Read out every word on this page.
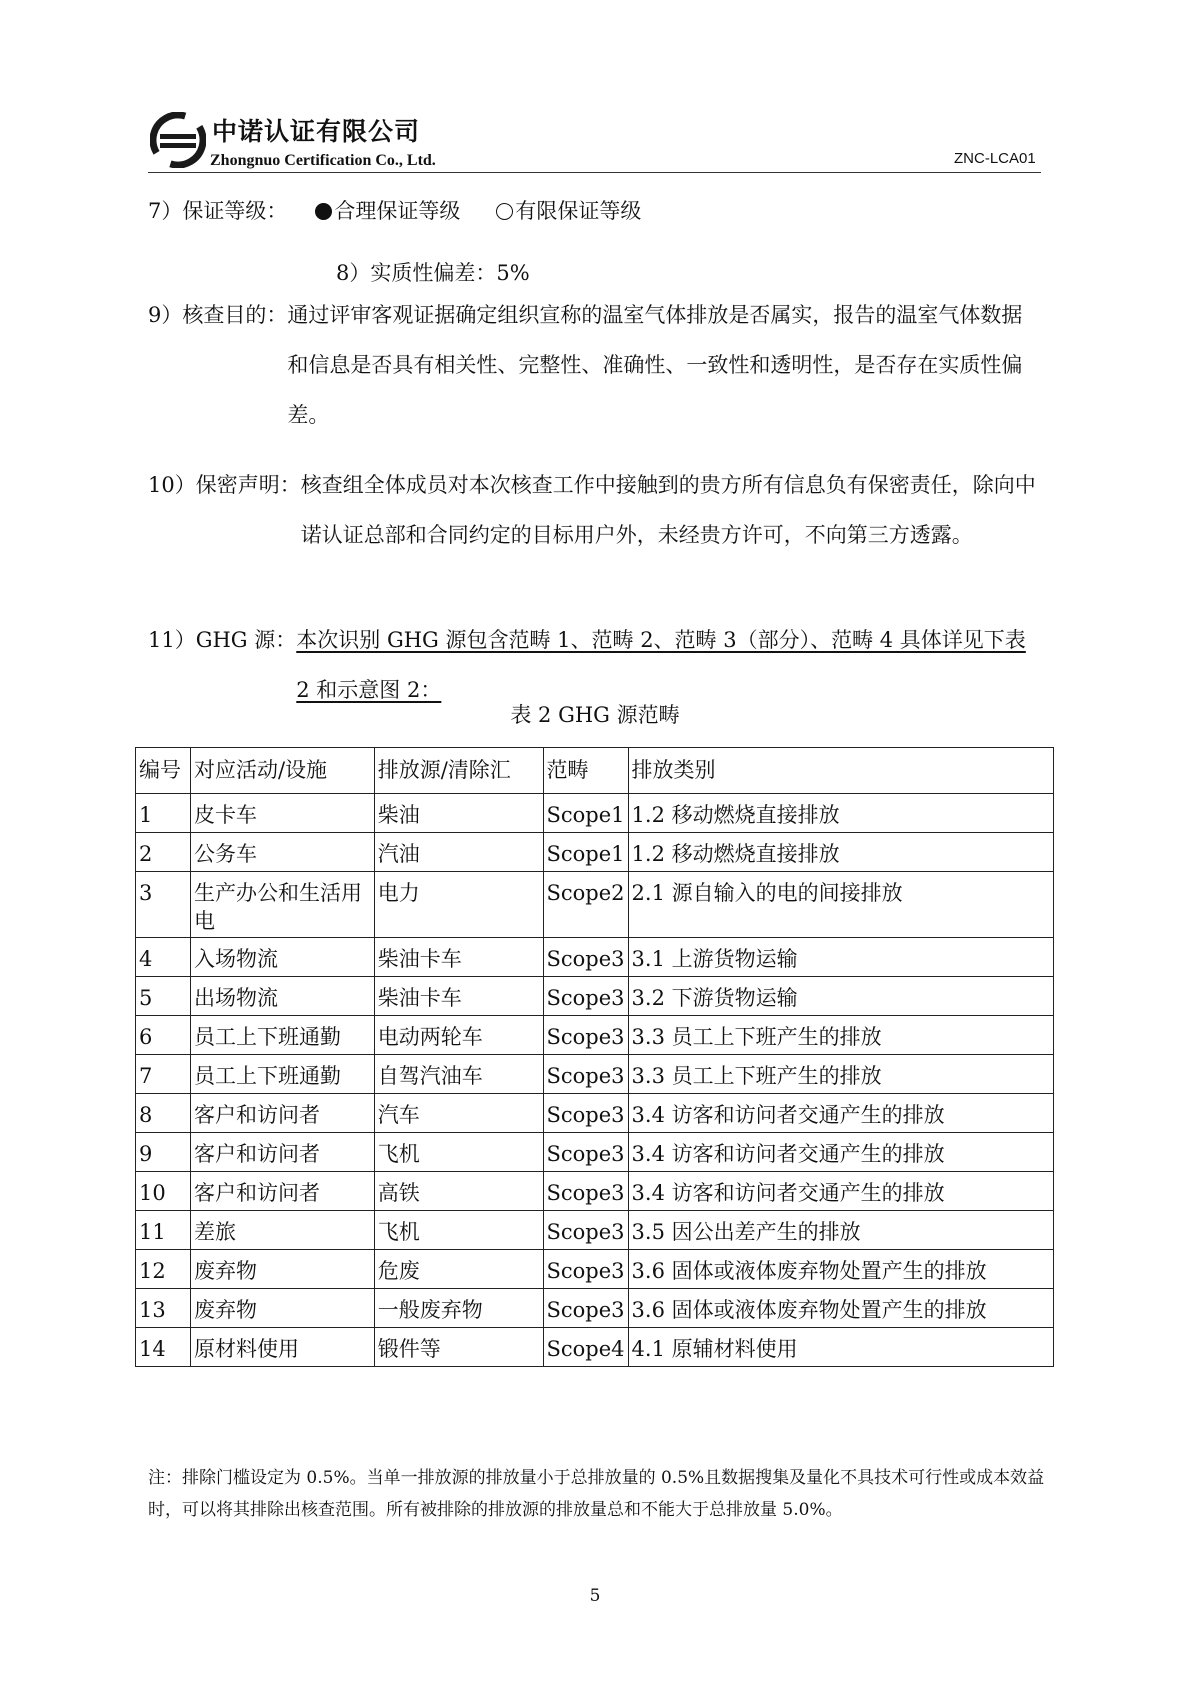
中诺认证有限公司
Zhongnuo Certification Co., Ltd.	ZNC-LCA01
7）保证等级： 合理保证等级	有限保证等级
8）实质性偏差：5%
9）核查目的： 通过评审客观证据确定组织宣称的温室气体排放是否属实，报告的温室气体数据和信息是否具有相关性、完整性、准确性、一致性和透明性，是否存在实质性偏差。
10）保密声明： 核查组全体成员对本次核查工作中接触到的贵方所有信息负有保密责任，除向中诺认证总部和合同约定的目标用户外，未经贵方许可，不向第三方透露。
11）GHG 源： 本次识别 GHG 源包含范畴 1、范畴 2、范畴 3（部分）、范畴 4 具体详见下表 2 和示意图 2：
表 2 GHG 源范畴
编号	对应活动/设施	排放源/清除汇	范畴	排放类别
1	皮卡车	柴油	Scope1	1.2 移动燃烧直接排放
2	公务车	汽油	Scope1	1.2 移动燃烧直接排放
3	生产办公和生活用电	电力	Scope2	2.1 源自输入的电的间接排放
4	入场物流	柴油卡车	Scope3	3.1 上游货物运输
5	出场物流	柴油卡车	Scope3	3.2 下游货物运输
6	员工上下班通勤	电动两轮车	Scope3	3.3 员工上下班产生的排放
7	员工上下班通勤	自驾汽油车	Scope3	3.3 员工上下班产生的排放
8	客户和访问者	汽车	Scope3	3.4 访客和访问者交通产生的排放
9	客户和访问者	飞机	Scope3	3.4 访客和访问者交通产生的排放
10	客户和访问者	高铁	Scope3	3.4 访客和访问者交通产生的排放
11	差旅	飞机	Scope3	3.5 因公出差产生的排放
12	废弃物	危废	Scope3	3.6 固体或液体废弃物处置产生的排放
13	废弃物	一般废弃物	Scope3	3.6 固体或液体废弃物处置产生的排放
14	原材料使用	锻件等	Scope4	4.1 原辅材料使用
注：排除门槛设定为 0.5%。当单一排放源的排放量小于总排放量的 0.5%且数据搜集及量化不具技术可行性或成本效益时，可以将其排除出核查范围。所有被排除的排放源的排放量总和不能大于总排放量 5.0%。
5
